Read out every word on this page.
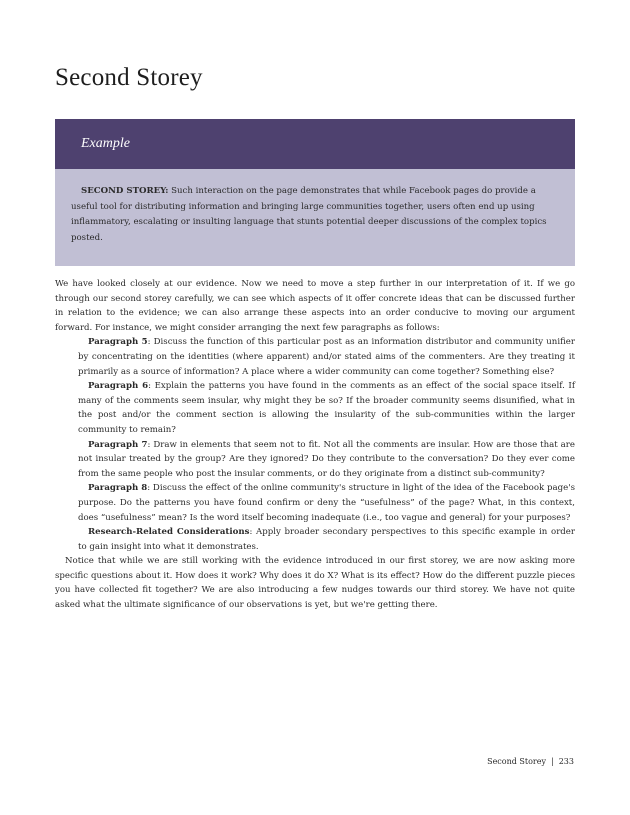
Second Storey
Example
SECOND STOREY: Such interaction on the page demonstrates that while Facebook pages do provide a useful tool for distributing information and bringing large communities together, users often end up using inflammatory, escalating or insulting language that stunts potential deeper discussions of the complex topics posted.

We have looked closely at our evidence. Now we need to move a step further in our interpretation of it. If we go through our second storey carefully, we can see which aspects of it offer concrete ideas that can be discussed further in relation to the evidence; we can also arrange these aspects into an order conducive to moving our argument forward. For instance, we might consider arranging the next few paragraphs as follows:

Paragraph 5: Discuss the function of this particular post as an information distributor and community unifier by concentrating on the identities (where apparent) and/or stated aims of the commenters. Are they treating it primarily as a source of information? A place where a wider community can come together? Something else?

Paragraph 6: Explain the patterns you have found in the comments as an effect of the social space itself. If many of the comments seem insular, why might they be so? If the broader community seems disunified, what in the post and/or the comment section is allowing the insularity of the sub-communities within the larger community to remain?

Paragraph 7: Draw in elements that seem not to fit. Not all the comments are insular. How are those that are not insular treated by the group? Are they ignored? Do they contribute to the conversation? Do they ever come from the same people who post the insular comments, or do they originate from a distinct sub-community?

Paragraph 8: Discuss the effect of the online community's structure in light of the idea of the Facebook page's purpose. Do the patterns you have found confirm or deny the “usefulness” of the page? What, in this context, does “usefulness” mean? Is the word itself becoming inadequate (i.e., too vague and general) for your purposes?

Research-Related Considerations: Apply broader secondary perspectives to this specific example in order to gain insight into what it demonstrates.

Notice that while we are still working with the evidence introduced in our first storey, we are now asking more specific questions about it. How does it work? Why does it do X? What is its effect? How do the different puzzle pieces you have collected fit together? We are also introducing a few nudges towards our third storey. We have not quite asked what the ultimate significance of our observations is yet, but we're getting there.

Second Storey | 233
